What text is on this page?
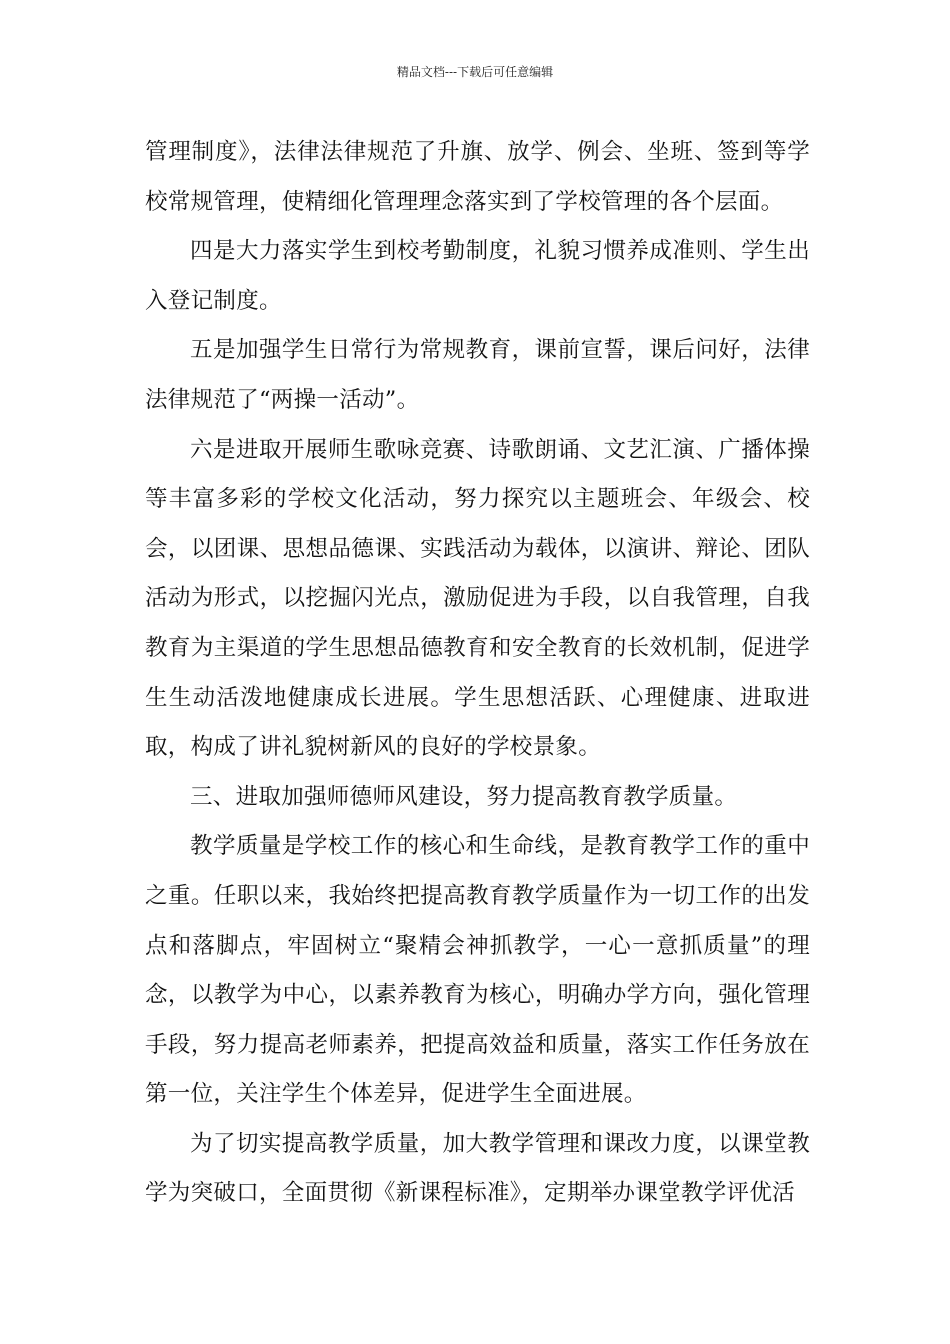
精品文档---下载后可任意编辑

管理制度》，法律法律规范了升旗、放学、例会、坐班、签到等学校常规管理，使精细化管理理念落实到了学校管理的各个层面。

四是大力落实学生到校考勤制度，礼貌习惯养成准则、学生出入登记制度。

五是加强学生日常行为常规教育，课前宣誓，课后问好，法律法律规范了“两操一活动”。

六是进取开展师生歌咏竞赛、诗歌朗诵、文艺汇演、广播体操等丰富多彩的学校文化活动，努力探究以主题班会、年级会、校会，以团课、思想品德课、实践活动为载体，以演讲、辩论、团队活动为形式，以挖掘闪光点，激励促进为手段，以自我管理，自我教育为主渠道的学生思想品德教育和安全教育的长效机制，促进学生生动活泼地健康成长进展。学生思想活跃、心理健康、进取进取，构成了讲礼貌树新风的良好的学校景象。

三、进取加强师德师风建设，努力提高教育教学质量。

教学质量是学校工作的核心和生命线，是教育教学工作的重中之重。任职以来，我始终把提高教育教学质量作为一切工作的出发点和落脚点，牢固树立“聚精会神抓教学，一心一意抓质量”的理念，以教学为中心，以素养教育为核心，明确办学方向，强化管理手段，努力提高老师素养，把提高效益和质量，落实工作任务放在第一位，关注学生个体差异，促进学生全面进展。

为了切实提高教学质量，加大教学管理和课改力度，以课堂教学为突破口，全面贯彻《新课程标准》，定期举办课堂教学评优活
